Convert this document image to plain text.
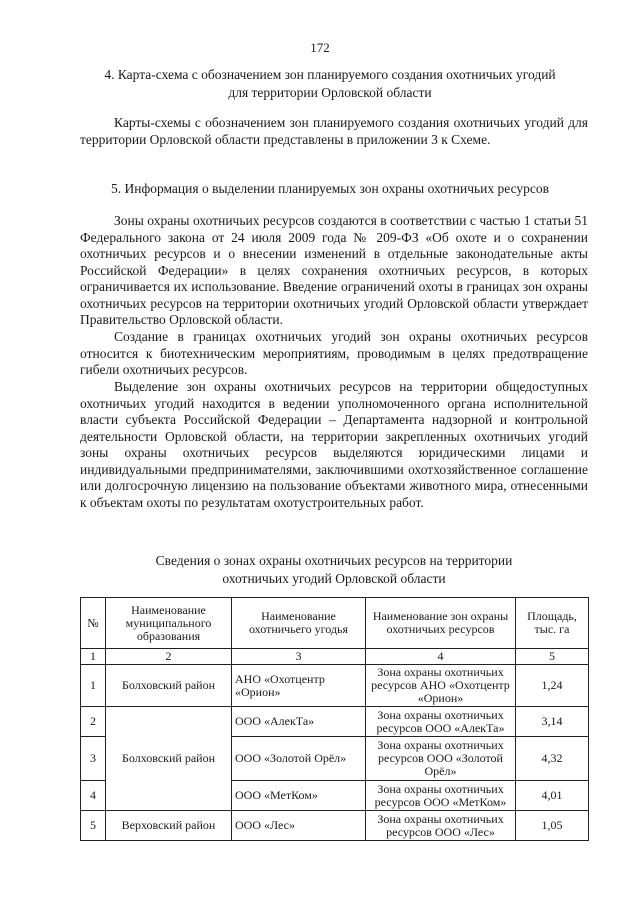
172
4. Карта-схема с обозначением зон планируемого создания охотничьих угодий
для территории Орловской области

Карты-схемы с обозначением зон планируемого создания охотничьих угодий для территории Орловской области представлены в приложении 3 к Схеме.

5. Информация о выделении планируемых зон охраны охотничьих ресурсов

Зоны охраны охотничьих ресурсов создаются в соответствии с частью 1 статьи 51 Федерального закона от 24 июля 2009 года № 209-ФЗ «Об охоте и о сохранении охотничьих ресурсов и о внесении изменений в отдельные законодательные акты Российской Федерации» в целях сохранения охотничьих ресурсов, в которых ограничивается их использование. Введение ограничений охоты в границах зон охраны охотничьих ресурсов на территории охотничьих угодий Орловской области утверждает Правительство Орловской области.

Создание в границах охотничьих угодий зон охраны охотничьих ресурсов относится к биотехническим мероприятиям, проводимым в целях предотвращение гибели охотничьих ресурсов.

Выделение зон охраны охотничьих ресурсов на территории общедоступных охотничьих угодий находится в ведении уполномоченного органа исполнительной власти субъекта Российской Федерации – Департамента надзорной и контрольной деятельности Орловской области, на территории закрепленных охотничьих угодий зоны охраны охотничьих ресурсов выделяются юридическими лицами и индивидуальными предпринимателями, заключившими охотхозяйственное соглашение или долгосрочную лицензию на пользование объектами животного мира, отнесенными к объектам охоты по результатам охотустроительных работ.

Сведения о зонах охраны охотничьих ресурсов на территории
охотничьих угодий Орловской области
№	Наименование муниципального образования	Наименование охотничьего угодья	Наименование зон охраны охотничьих ресурсов	Площадь, тыс. га
1	2	3	4	5
1	Болховский район	АНО «Охотцентр «Орион»	Зона охраны охотничьих ресурсов АНО «Охотцентр «Орион»	1,24
2	Болховский район	ООО «АлекТа»	Зона охраны охотничьих ресурсов ООО «АлекТа»	3,14
3		ООО «Золотой Орёл»	Зона охраны охотничьих ресурсов ООО «Золотой Орёл»	4,32
4		ООО «МетКом»	Зона охраны охотничьих ресурсов ООО «МетКом»	4,01
5	Верховский район	ООО «Лес»	Зона охраны охотничьих ресурсов ООО «Лес»	1,05
